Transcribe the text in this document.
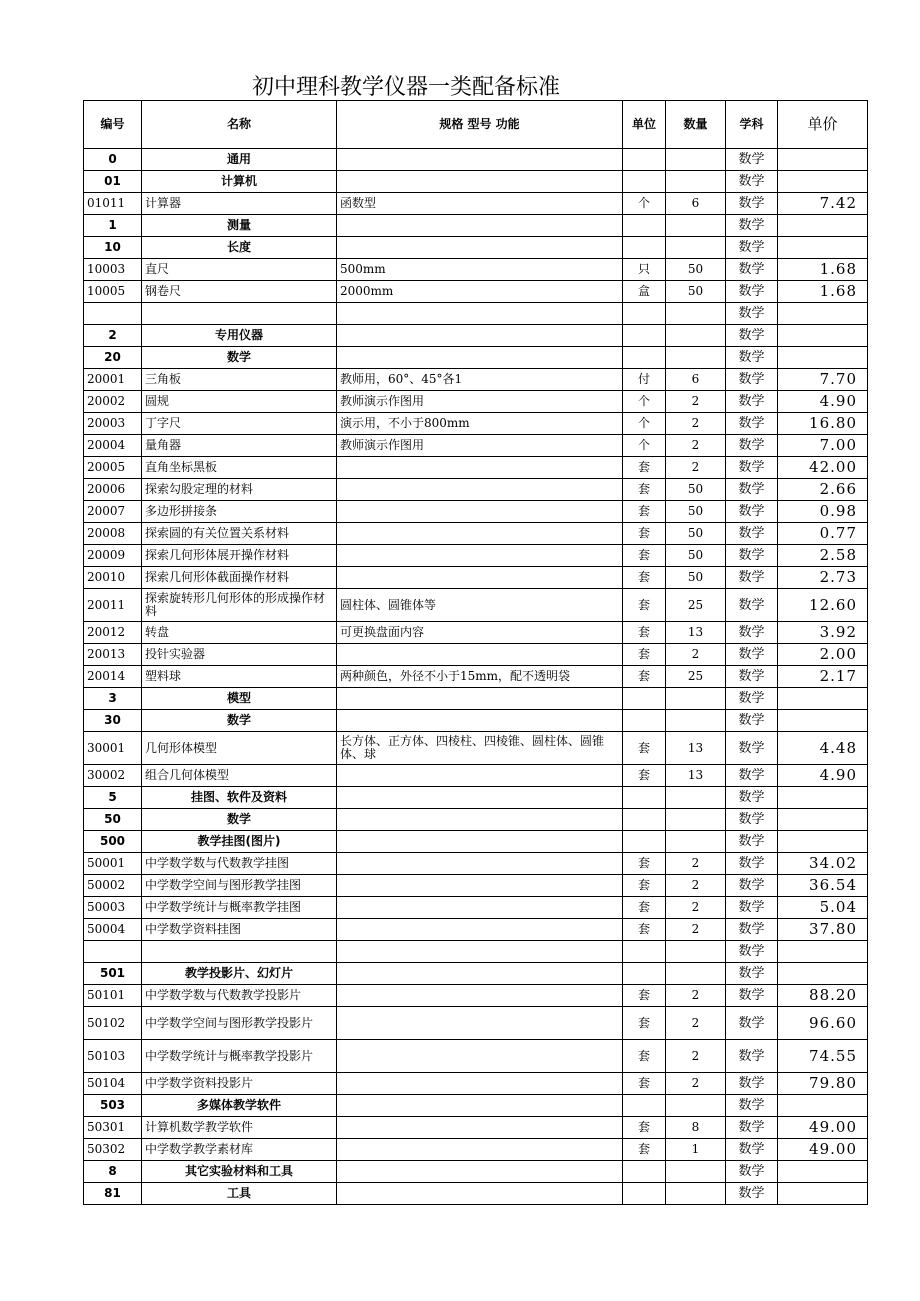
初中理科教学仪器一类配备标准
编号	名称	规格 型号 功能	单位	数量	学科	单价
0	通用				数学	
01	计算机				数学	
01011	计算器	函数型	个	6	数学	7.42
1	测量				数学	
10	长度				数学	
10003	直尺	500mm	只	50	数学	1.68
10005	钢卷尺	2000mm	盒	50	数学	1.68
					数学	
2	专用仪器				数学	
20	数学				数学	
20001	三角板	教师用，60°、45°各1	付	6	数学	7.70
20002	圆规	教师演示作图用	个	2	数学	4.90
20003	丁字尺	演示用，不小于800mm	个	2	数学	16.80
20004	量角器	教师演示作图用	个	2	数学	7.00
20005	直角坐标黑板		套	2	数学	42.00
20006	探索勾股定理的材料		套	50	数学	2.66
20007	多边形拼接条		套	50	数学	0.98
20008	探索圆的有关位置关系材料		套	50	数学	0.77
20009	探索几何形体展开操作材料		套	50	数学	2.58
20010	探索几何形体截面操作材料		套	50	数学	2.73
20011	探索旋转形几何形体的形成操作材料	圆柱体、圆锥体等	套	25	数学	12.60
20012	转盘	可更换盘面内容	套	13	数学	3.92
20013	投针实验器		套	2	数学	2.00
20014	塑料球	两种颜色，外径不小于15mm，配不透明袋	套	25	数学	2.17
3	模型				数学	
30	数学				数学	
30001	几何形体模型	长方体、正方体、四棱柱、四棱锥、圆柱体、圆锥体、球	套	13	数学	4.48
30002	组合几何体模型		套	13	数学	4.90
5	挂图、软件及资料				数学	
50	数学				数学	
500	教学挂图(图片)				数学	
50001	中学数学数与代数教学挂图		套	2	数学	34.02
50002	中学数学空间与图形教学挂图		套	2	数学	36.54
50003	中学数学统计与概率教学挂图		套	2	数学	5.04
50004	中学数学资料挂图		套	2	数学	37.80
					数学	
501	教学投影片、幻灯片				数学	
50101	中学数学数与代数教学投影片		套	2	数学	88.20
50102	中学数学空间与图形教学投影片		套	2	数学	96.60
50103	中学数学统计与概率教学投影片		套	2	数学	74.55
50104	中学数学资料投影片		套	2	数学	79.80
503	多媒体教学软件				数学	
50301	计算机数学教学软件		套	8	数学	49.00
50302	中学数学教学素材库		套	1	数学	49.00
8	其它实验材料和工具				数学	
81	工具				数学	
